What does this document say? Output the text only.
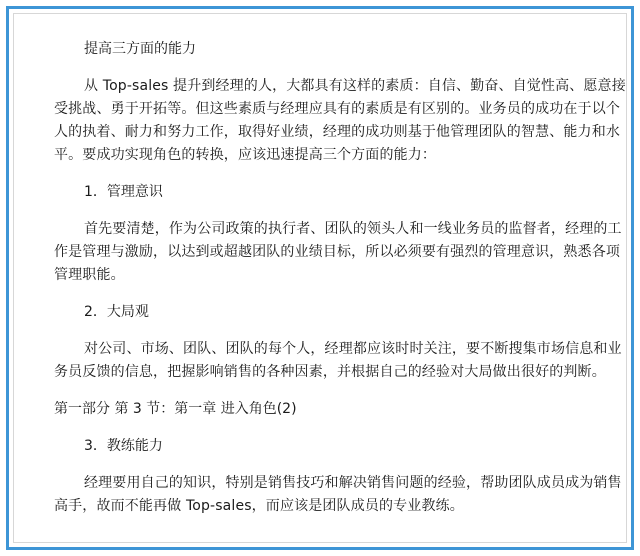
提高三方面的能力
从 Top-sales 提升到经理的人，大都具有这样的素质：自信、勤奋、自觉性高、愿意接
受挑战、勇于开拓等。但这些素质与经理应具有的素质是有区别的。业务员的成功在于以个
人的执着、耐力和努力工作，取得好业绩，经理的成功则基于他管理团队的智慧、能力和水
平。要成功实现角色的转换，应该迅速提高三个方面的能力：
1．管理意识
首先要清楚，作为公司政策的执行者、团队的领头人和一线业务员的监督者，经理的工
作是管理与激励，以达到或超越团队的业绩目标，所以必须要有强烈的管理意识，熟悉各项
管理职能。
2．大局观
对公司、市场、团队、团队的每个人，经理都应该时时关注，要不断搜集市场信息和业
务员反馈的信息，把握影响销售的各种因素，并根据自己的经验对大局做出很好的判断。
第一部分 第 3 节：第一章 进入角色(2)
3．教练能力
经理要用自己的知识，特别是销售技巧和解决销售问题的经验，帮助团队成员成为销售
高手，故而不能再做 Top-sales，而应该是团队成员的专业教练。
